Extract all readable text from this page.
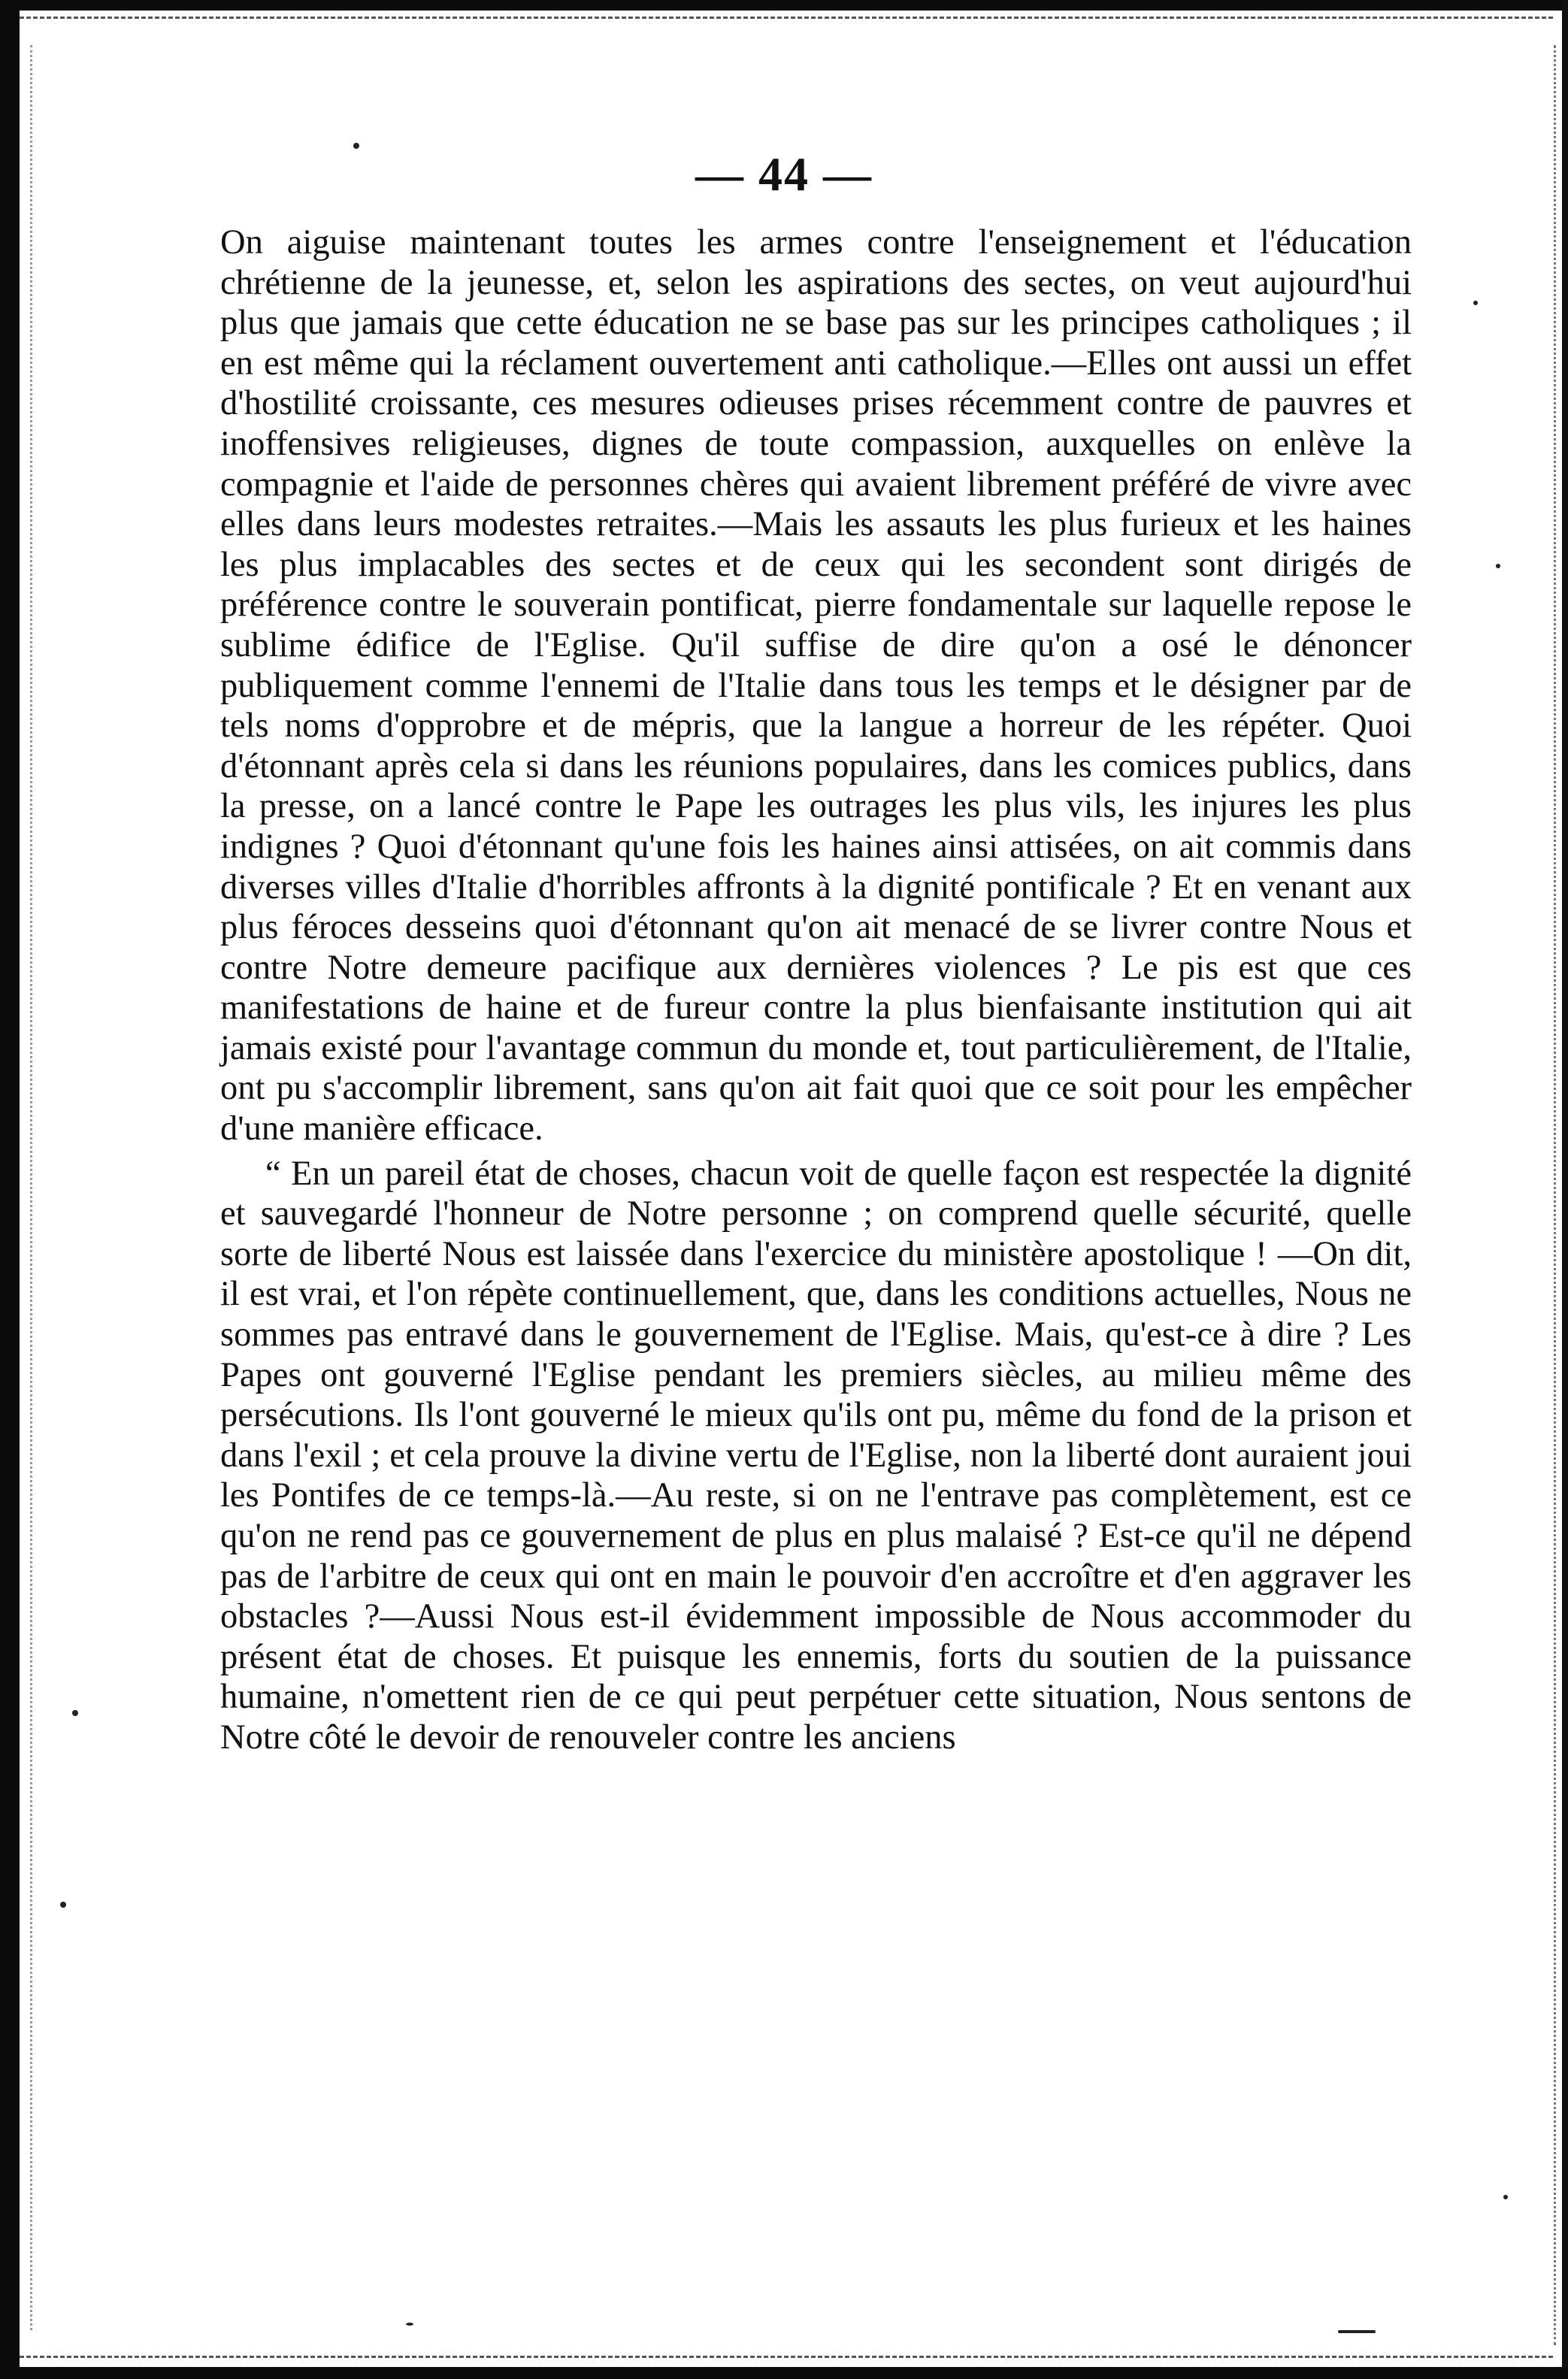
— 44 —

On aiguise maintenant toutes les armes contre l'enseignement et l'éducation chrétienne de la jeunesse, et, selon les aspirations des sectes, on veut aujourd'hui plus que jamais que cette éducation ne se base pas sur les principes catholiques ; il en est même qui la réclament ouvertement anti catholique.—Elles ont aussi un effet d'hostilité croissante, ces mesures odieuses prises récemment contre de pauvres et inoffensives religieuses, dignes de toute compassion, auxquelles on enlève la compagnie et l'aide de personnes chères qui avaient librement préféré de vivre avec elles dans leurs modestes retraites.—Mais les assauts les plus furieux et les haines les plus implacables des sectes et de ceux qui les secondent sont dirigés de préférence contre le souverain pontificat, pierre fondamentale sur laquelle repose le sublime édifice de l'Eglise. Qu'il suffise de dire qu'on a osé le dénoncer publiquement comme l'ennemi de l'Italie dans tous les temps et le désigner par de tels noms d'opprobre et de mépris, que la langue a horreur de les répéter. Quoi d'étonnant après cela si dans les réunions populaires, dans les comices publics, dans la presse, on a lancé contre le Pape les outrages les plus vils, les injures les plus indignes ? Quoi d'étonnant qu'une fois les haines ainsi attisées, on ait commis dans diverses villes d'Italie d'horribles affronts à la dignité pontificale ? Et en venant aux plus féroces desseins quoi d'étonnant qu'on ait menacé de se livrer contre Nous et contre Notre demeure pacifique aux dernières violences ? Le pis est que ces manifestations de haine et de fureur contre la plus bienfaisante institution qui ait jamais existé pour l'avantage commun du monde et, tout particulièrement, de l'Italie, ont pu s'accomplir librement, sans qu'on ait fait quoi que ce soit pour les empêcher d'une manière efficace.

“ En un pareil état de choses, chacun voit de quelle façon est respectée la dignité et sauvegardé l'honneur de Notre personne ; on comprend quelle sécurité, quelle sorte de liberté Nous est laissée dans l'exercice du ministère apostolique ! —On dit, il est vrai, et l'on répète continuellement, que, dans les conditions actuelles, Nous ne sommes pas entravé dans le gouvernement de l'Eglise. Mais, qu'est-ce à dire ? Les Papes ont gouverné l'Eglise pendant les premiers siècles, au milieu même des persécutions. Ils l'ont gouverné le mieux qu'ils ont pu, même du fond de la prison et dans l'exil ; et cela prouve la divine vertu de l'Eglise, non la liberté dont auraient joui les Pontifes de ce temps-là.—Au reste, si on ne l'entrave pas complètement, est ce qu'on ne rend pas ce gouvernement de plus en plus malaisé ? Est-ce qu'il ne dépend pas de l'arbitre de ceux qui ont en main le pouvoir d'en accroître et d'en aggraver les obstacles ?—Aussi Nous est-il évidemment impossible de Nous accommoder du présent état de choses. Et puisque les ennemis, forts du soutien de la puissance humaine, n'omettent rien de ce qui peut perpétuer cette situation, Nous sentons de Notre côté le devoir de renouveler contre les anciens
